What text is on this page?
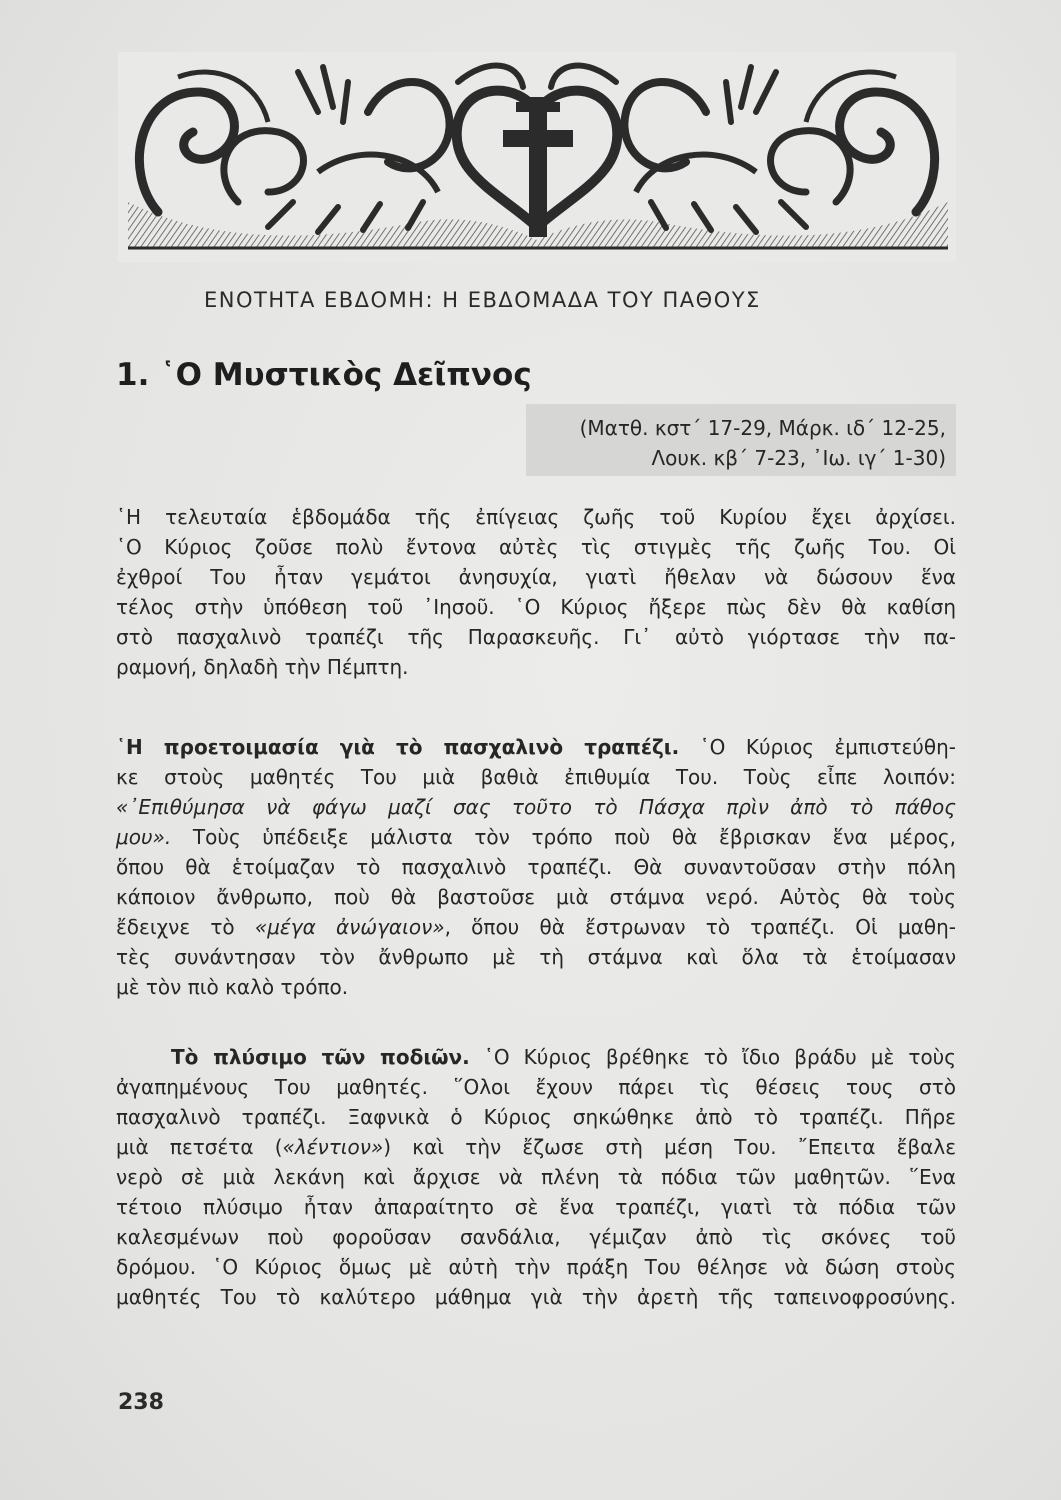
ΕΝΟΤΗΤΑ ΕΒΔΟΜΗ: Η ΕΒΔΟΜΑΔΑ ΤΟΥ ΠΑΘΟΥΣ
1. ῾Ο Μυστικὸς Δεῖπνος
(Ματθ. κστ΄ 17-29, Μάρκ. ιδ΄ 12-25,
Λουκ. κβ΄ 7-23, ᾿Ιω. ιγ΄ 1-30)
῾Η τελευταία ἑβδομάδα τῆς ἐπίγειας ζωῆς τοῦ Κυρίου ἔχει ἀρχίσει.
῾Ο Κύριος ζοῦσε πολὺ ἔντονα αὐτὲς τὶς στιγμὲς τῆς ζωῆς Του. Οἱ
ἐχθροί Του ἦταν γεμάτοι ἀνησυχία, γιατὶ ἤθελαν νὰ δώσουν ἕνα
τέλος στὴν ὑπόθεση τοῦ ᾿Ιησοῦ. ῾Ο Κύριος ἤξερε πὼς δὲν θὰ καθίση
στὸ πασχαλινὸ τραπέζι τῆς Παρασκευῆς. Γι᾿ αὐτὸ γιόρτασε τὴν πα-
ραμονή, δηλαδὴ τὴν Πέμπτη.
῾Η προετοιμασία γιὰ τὸ πασχαλινὸ τραπέζι. ῾Ο Κύριος ἐμπιστεύθη-
κε στοὺς μαθητές Του μιὰ βαθιὰ ἐπιθυμία Του. Τοὺς εἶπε λοιπόν:
«᾿Επιθύμησα νὰ φάγω μαζί σας τοῦτο τὸ Πάσχα πρὶν ἀπὸ τὸ πάθος
μου». Τοὺς ὑπέδειξε μάλιστα τὸν τρόπο ποὺ θὰ ἔβρισκαν ἕνα μέρος,
ὅπου θὰ ἑτοίμαζαν τὸ πασχαλινὸ τραπέζι. Θὰ συναντοῦσαν στὴν πόλη
κάποιον ἄνθρωπο, ποὺ θὰ βαστοῦσε μιὰ στάμνα νερό. Αὐτὸς θὰ τοὺς
ἔδειχνε τὸ «μέγα ἀνώγαιον», ὅπου θὰ ἔστρωναν τὸ τραπέζι. Οἱ μαθη-
τὲς συνάντησαν τὸν ἄνθρωπο μὲ τὴ στάμνα καὶ ὅλα τὰ ἑτοίμασαν
μὲ τὸν πιὸ καλὸ τρόπο.
Τὸ πλύσιμο τῶν ποδιῶν. ῾Ο Κύριος βρέθηκε τὸ ἴδιο βράδυ μὲ τοὺς
ἀγαπημένους Του μαθητές. ῞Ολοι ἔχουν πάρει τὶς θέσεις τους στὸ
πασχαλινὸ τραπέζι. Ξαφνικὰ ὁ Κύριος σηκώθηκε ἀπὸ τὸ τραπέζι. Πῆρε
μιὰ πετσέτα («λέντιον») καὶ τὴν ἔζωσε στὴ μέση Του. ῎Επειτα ἔβαλε
νερὸ σὲ μιὰ λεκάνη καὶ ἄρχισε νὰ πλένη τὰ πόδια τῶν μαθητῶν. ῞Ενα
τέτοιο πλύσιμο ἦταν ἀπαραίτητο σὲ ἕνα τραπέζι, γιατὶ τὰ πόδια τῶν
καλεσμένων ποὺ φοροῦσαν σανδάλια, γέμιζαν ἀπὸ τὶς σκόνες τοῦ
δρόμου. ῾Ο Κύριος ὅμως μὲ αὐτὴ τὴν πράξη Του θέλησε νὰ δώση στοὺς
μαθητές Του τὸ καλύτερο μάθημα γιὰ τὴν ἀρετὴ τῆς ταπεινοφροσύνης.
238
